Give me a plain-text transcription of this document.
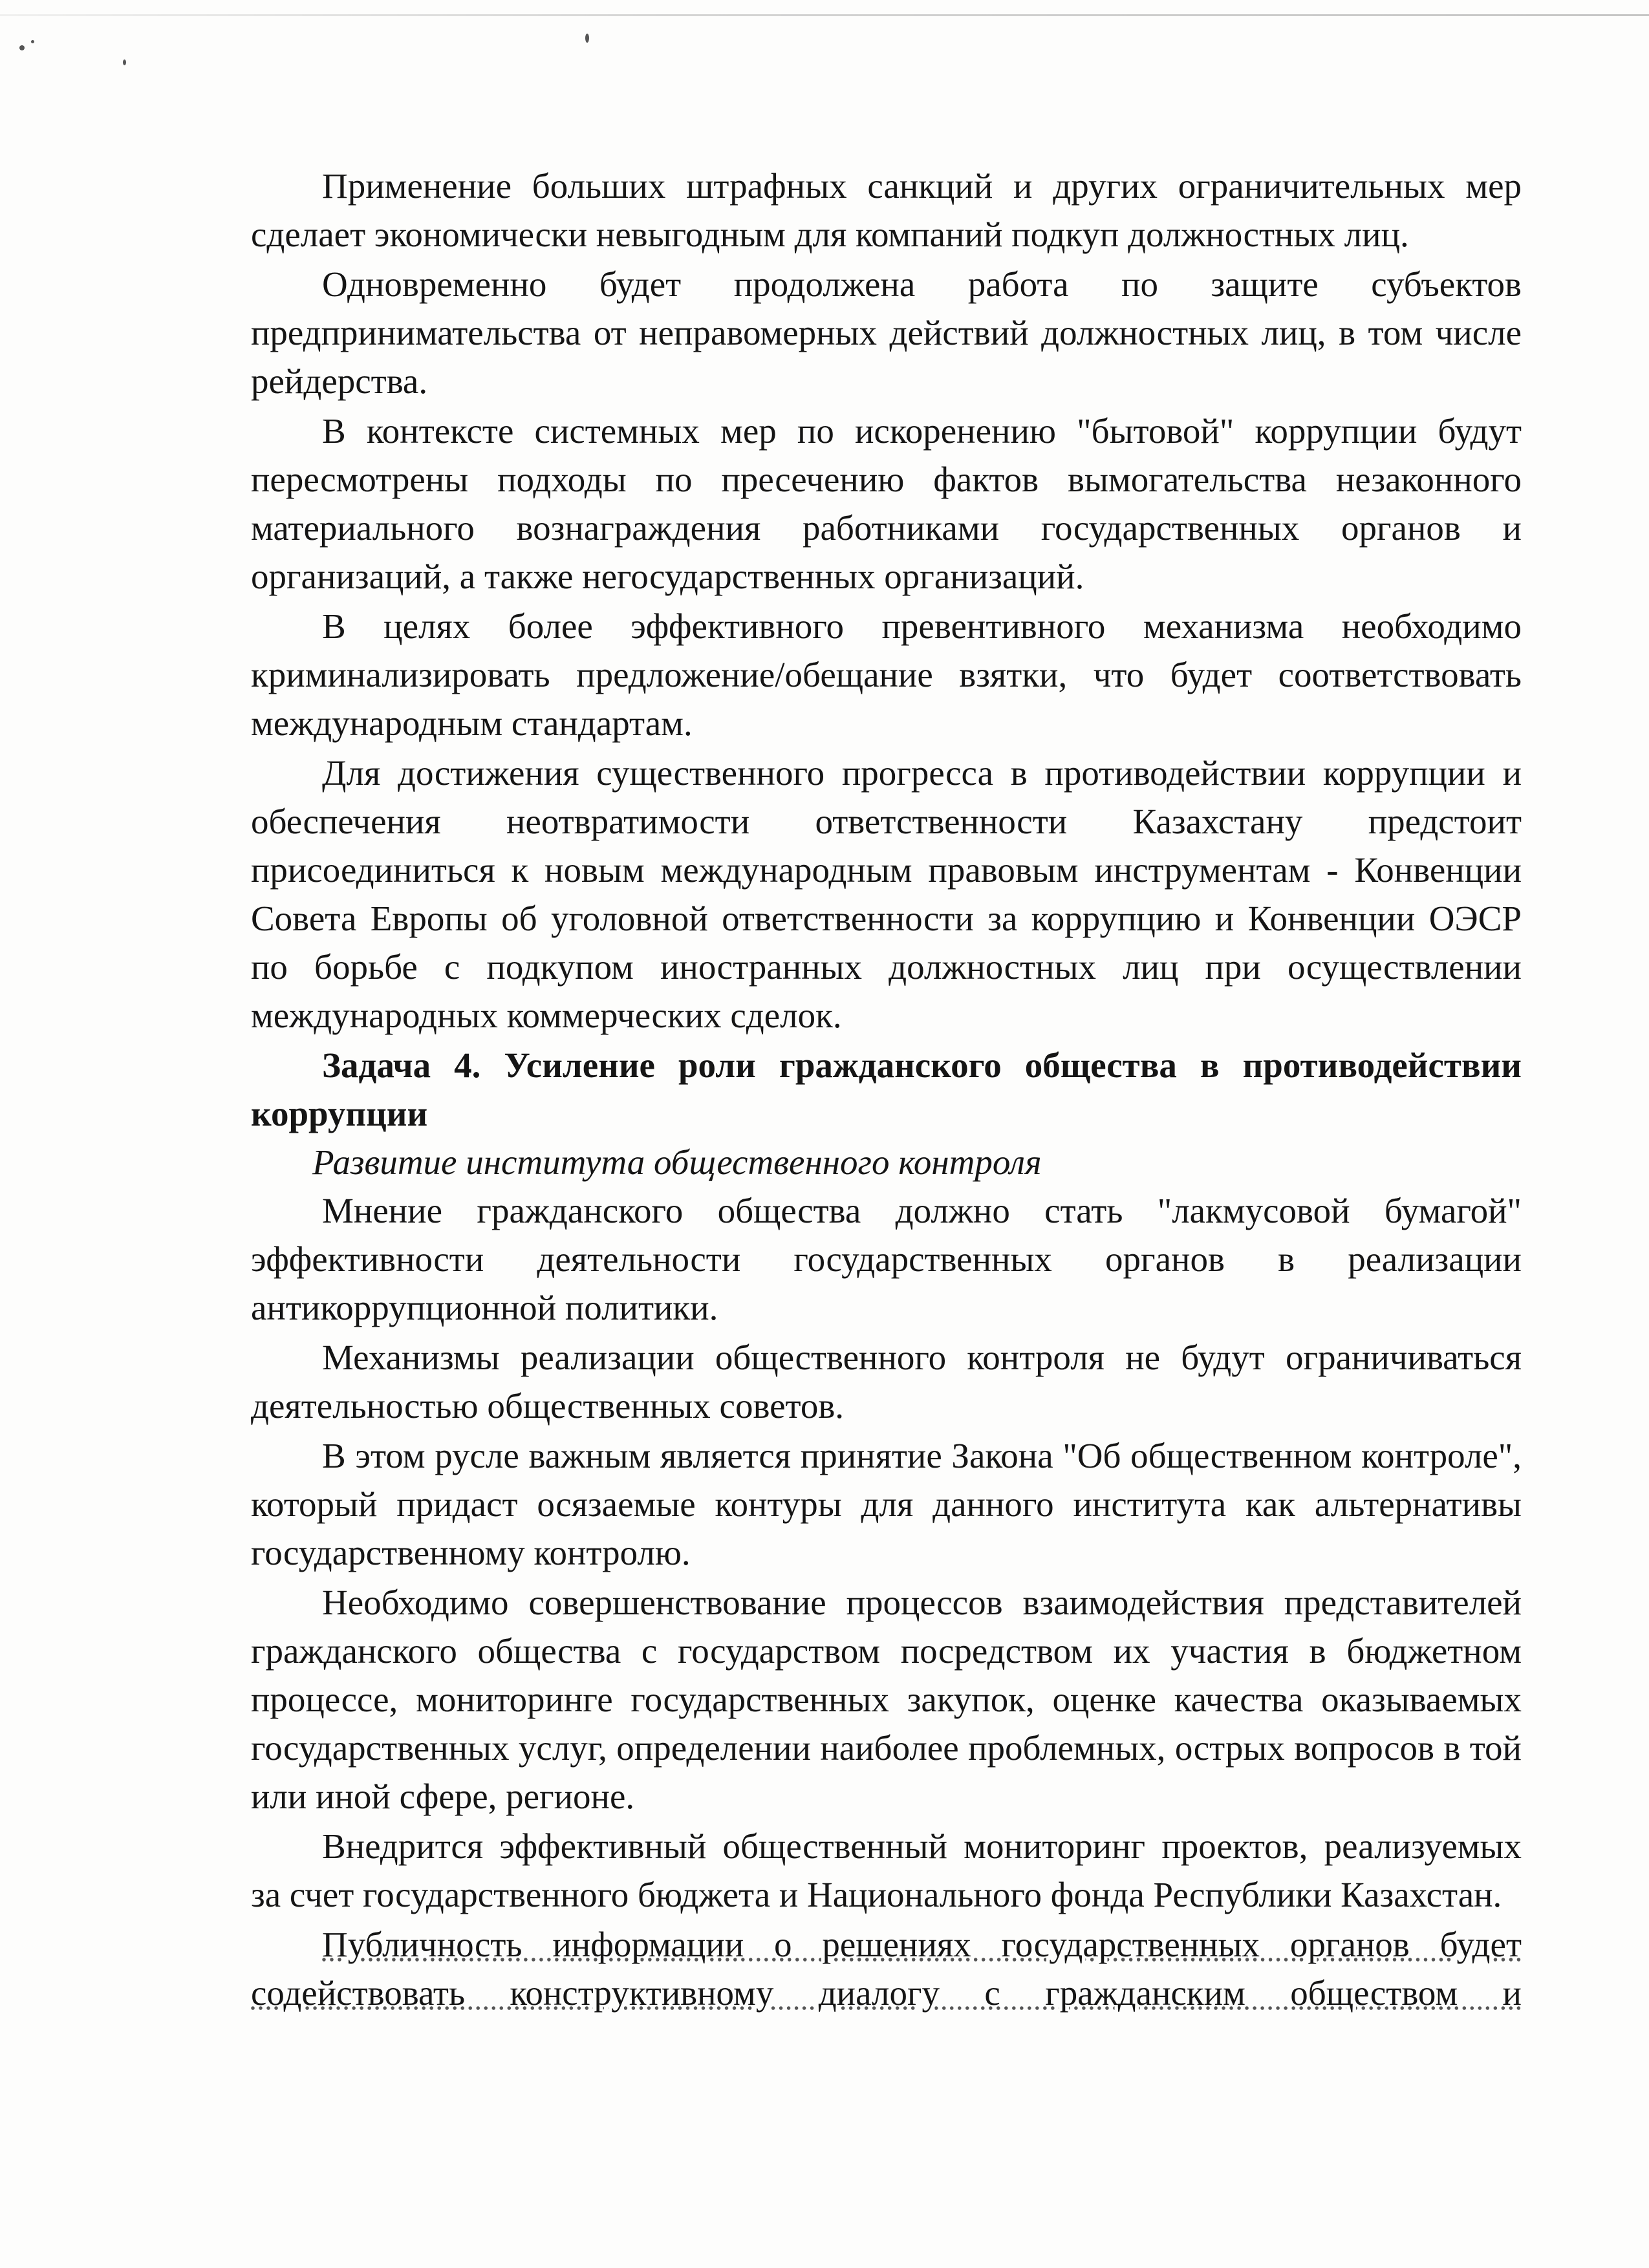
Применение больших штрафных санкций и других ограничительных мер сделает экономически невыгодным для компаний подкуп должностных лиц.

Одновременно будет продолжена работа по защите субъектов предпринимательства от неправомерных действий должностных лиц, в том числе рейдерства.

В контексте системных мер по искоренению "бытовой" коррупции будут пересмотрены подходы по пресечению фактов вымогательства незаконного материального вознаграждения работниками государственных органов и организаций, а также негосударственных организаций.

В целях более эффективного превентивного механизма необходимо криминализировать предложение/обещание взятки, что будет соответствовать международным стандартам.

Для достижения существенного прогресса в противодействии коррупции и обеспечения неотвратимости ответственности Казахстану предстоит присоединиться к новым международным правовым инструментам - Конвенции Совета Европы об уголовной ответственности за коррупцию и Конвенции ОЭСР по борьбе с подкупом иностранных должностных лиц при осуществлении международных коммерческих сделок.

Задача 4. Усиление роли гражданского общества в противодействии коррупции

Развитие института общественного контроля

Мнение гражданского общества должно стать "лакмусовой бумагой" эффективности деятельности государственных органов в реализации антикоррупционной политики.

Механизмы реализации общественного контроля не будут ограничиваться деятельностью общественных советов.

В этом русле важным является принятие Закона "Об общественном контроле", который придаст осязаемые контуры для данного института как альтернативы государственному контролю.

Необходимо совершенствование процессов взаимодействия представителей гражданского общества с государством посредством их участия в бюджетном процессе, мониторинге государственных закупок, оценке качества оказываемых государственных услуг, определении наиболее проблемных, острых вопросов в той или иной сфере, регионе.

Внедрится эффективный общественный мониторинг проектов, реализуемых за счет государственного бюджета и Национального фонда Республики Казахстан.

Публичность информации о решениях государственных органов будет содействовать конструктивному диалогу с гражданским обществом и
